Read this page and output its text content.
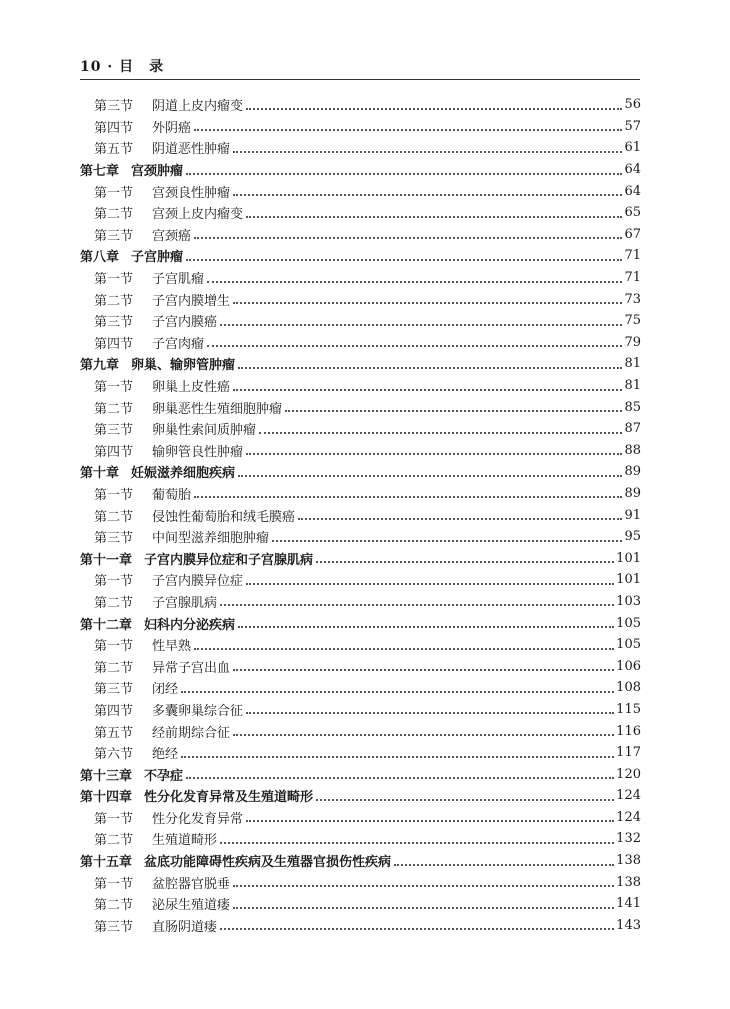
10 · 目　录
第三节	阴道上皮内瘤变	56
第四节	外阴癌	57
第五节	阴道恶性肿瘤	61
第七章 宫颈肿瘤	64
第一节	宫颈良性肿瘤	64
第二节	宫颈上皮内瘤变	65
第三节	宫颈癌	67
第八章 子宫肿瘤	71
第一节	子宫肌瘤	71
第二节	子宫内膜增生	73
第三节	子宫内膜癌	75
第四节	子宫肉瘤	79
第九章 卵巢、输卵管肿瘤	81
第一节	卵巢上皮性癌	81
第二节	卵巢恶性生殖细胞肿瘤	85
第三节	卵巢性索间质肿瘤	87
第四节	输卵管良性肿瘤	88
第十章 妊娠滋养细胞疾病	89
第一节	葡萄胎	89
第二节	侵蚀性葡萄胎和绒毛膜癌	91
第三节	中间型滋养细胞肿瘤	95
第十一章 子宫内膜异位症和子宫腺肌病	101
第一节	子宫内膜异位症	101
第二节	子宫腺肌病	103
第十二章 妇科内分泌疾病	105
第一节	性早熟	105
第二节	异常子宫出血	106
第三节	闭经	108
第四节	多囊卵巢综合征	115
第五节	经前期综合征	116
第六节	绝经	117
第十三章 不孕症	120
第十四章 性分化发育异常及生殖道畸形	124
第一节	性分化发育异常	124
第二节	生殖道畸形	132
第十五章 盆底功能障碍性疾病及生殖器官损伤性疾病	138
第一节	盆腔器官脱垂	138
第二节	泌尿生殖道瘘	141
第三节	直肠阴道瘘	143
